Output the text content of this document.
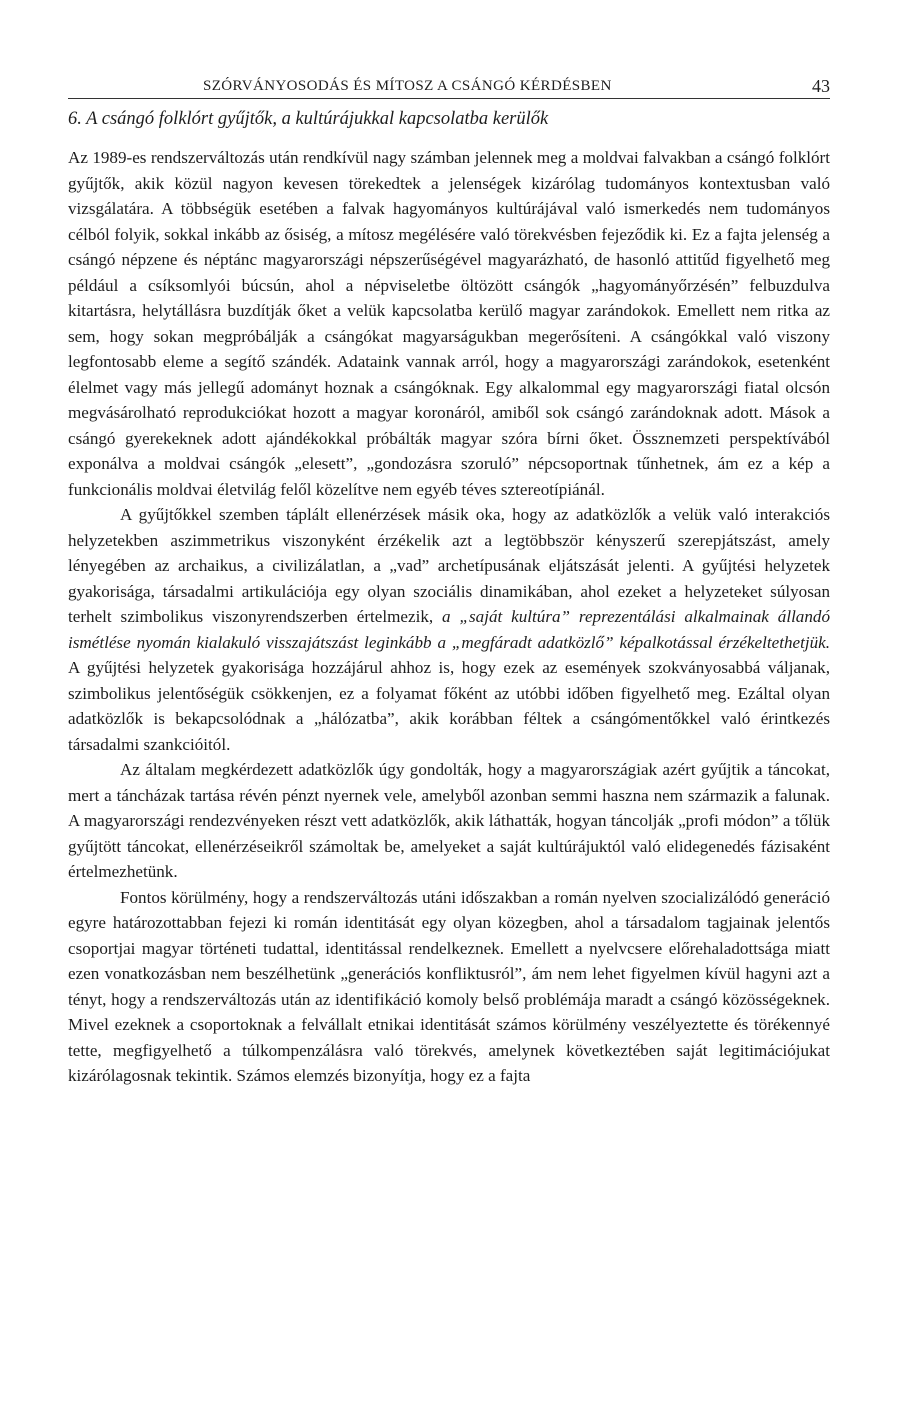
SZÓRVÁNYOSODÁS ÉS MÍTOSZ A CSÁNGÓ KÉRDÉSBEN	43
6. A csángó folklórt gyűjtők, a kultúrájukkal kapcsolatba kerülők

Az 1989-es rendszerváltozás után rendkívül nagy számban jelennek meg a moldvai falvakban a csángó folklórt gyűjtők, akik közül nagyon kevesen törekedtek a jelenségek kizárólag tudományos kontextusban való vizsgálatára. A többségük esetében a falvak hagyományos kultúrájával való ismerkedés nem tudományos célból folyik, sokkal inkább az ősiség, a mítosz megélésére való törekvésben fejeződik ki. Ez a fajta jelenség a csángó népzene és néptánc magyarországi népszerűségével magyarázható, de hasonló attitűd figyelhető meg például a csíksomlyói búcsún, ahol a népviseletbe öltözött csángók „hagyományőrzésén” felbuzdulva kitartásra, helytállásra buzdítják őket a velük kapcsolatba kerülő magyar zarándokok. Emellett nem ritka az sem, hogy sokan megpróbálják a csángókat magyarságukban megerősíteni. A csángókkal való viszony legfontosabb eleme a segítő szándék. Adataink vannak arról, hogy a magyarországi zarándokok, esetenként élelmet vagy más jellegű adományt hoznak a csángóknak. Egy alkalommal egy magyarországi fiatal olcsón megvásárolható reprodukciókat hozott a magyar koronáról, amiből sok csángó zarándoknak adott. Mások a csángó gyerekeknek adott ajándékokkal próbálták magyar szóra bírni őket. Össznemzeti perspektívából exponálva a moldvai csángók „elesett”, „gondozásra szoruló” népcsoportnak tűnhetnek, ám ez a kép a funkcionális moldvai életvilág felől közelítve nem egyéb téves sztereotípiánál.

A gyűjtőkkel szemben táplált ellenérzések másik oka, hogy az adatközlők a velük való interakciós helyzetekben aszimmetrikus viszonyként érzékelik azt a legtöbbször kényszerű szerepjátszást, amely lényegében az archaikus, a civilizálatlan, a „vad” archetípusának eljátszását jelenti. A gyűjtési helyzetek gyakorisága, társadalmi artikulációja egy olyan szociális dinamikában, ahol ezeket a helyzeteket súlyosan terhelt szimbolikus viszonyrendszerben értelmezik, a „saját kultúra” reprezentálási alkalmainak állandó ismétlése nyomán kialakuló visszajátszást leginkább a „megfáradt adatközlő” képalkotással érzékeltethetjük. A gyűjtési helyzetek gyakorisága hozzájárul ahhoz is, hogy ezek az események szokványosabbá váljanak, szimbolikus jelentőségük csökkenjen, ez a folyamat főként az utóbbi időben figyelhető meg. Ezáltal olyan adatközlők is bekapcsolódnak a „hálózatba”, akik korábban féltek a csángómentőkkel való érintkezés társadalmi szankcióitól.

Az általam megkérdezett adatközlők úgy gondolták, hogy a magyarországiak azért gyűjtik a táncokat, mert a táncházak tartása révén pénzt nyernek vele, amelyből azonban semmi haszna nem származik a falunak. A magyarországi rendezvényeken részt vett adatközlők, akik láthatták, hogyan táncolják „profi módon” a tőlük gyűjtött táncokat, ellenérzéseikről számoltak be, amelyeket a saját kultúrájuktól való elidegenedés fázisaként értelmezhetünk.

Fontos körülmény, hogy a rendszerváltozás utáni időszakban a román nyelven szocializálódó generáció egyre határozottabban fejezi ki román identitását egy olyan közegben, ahol a társadalom tagjainak jelentős csoportjai magyar történeti tudattal, identitással rendelkeznek. Emellett a nyelvcsere előrehaladottsága miatt ezen vonatkozásban nem beszélhetünk „generációs konfliktusról”, ám nem lehet figyelmen kívül hagyni azt a tényt, hogy a rendszerváltozás után az identifikáció komoly belső problémája maradt a csángó közösségeknek. Mivel ezeknek a csoportoknak a felvállalt etnikai identitását számos körülmény veszélyeztette és törékennyé tette, megfigyelhető a túlkompenzálásra való törekvés, amelynek következtében saját legitimációjukat kizárólagosnak tekintik. Számos elemzés bizonyítja, hogy ez a fajta
